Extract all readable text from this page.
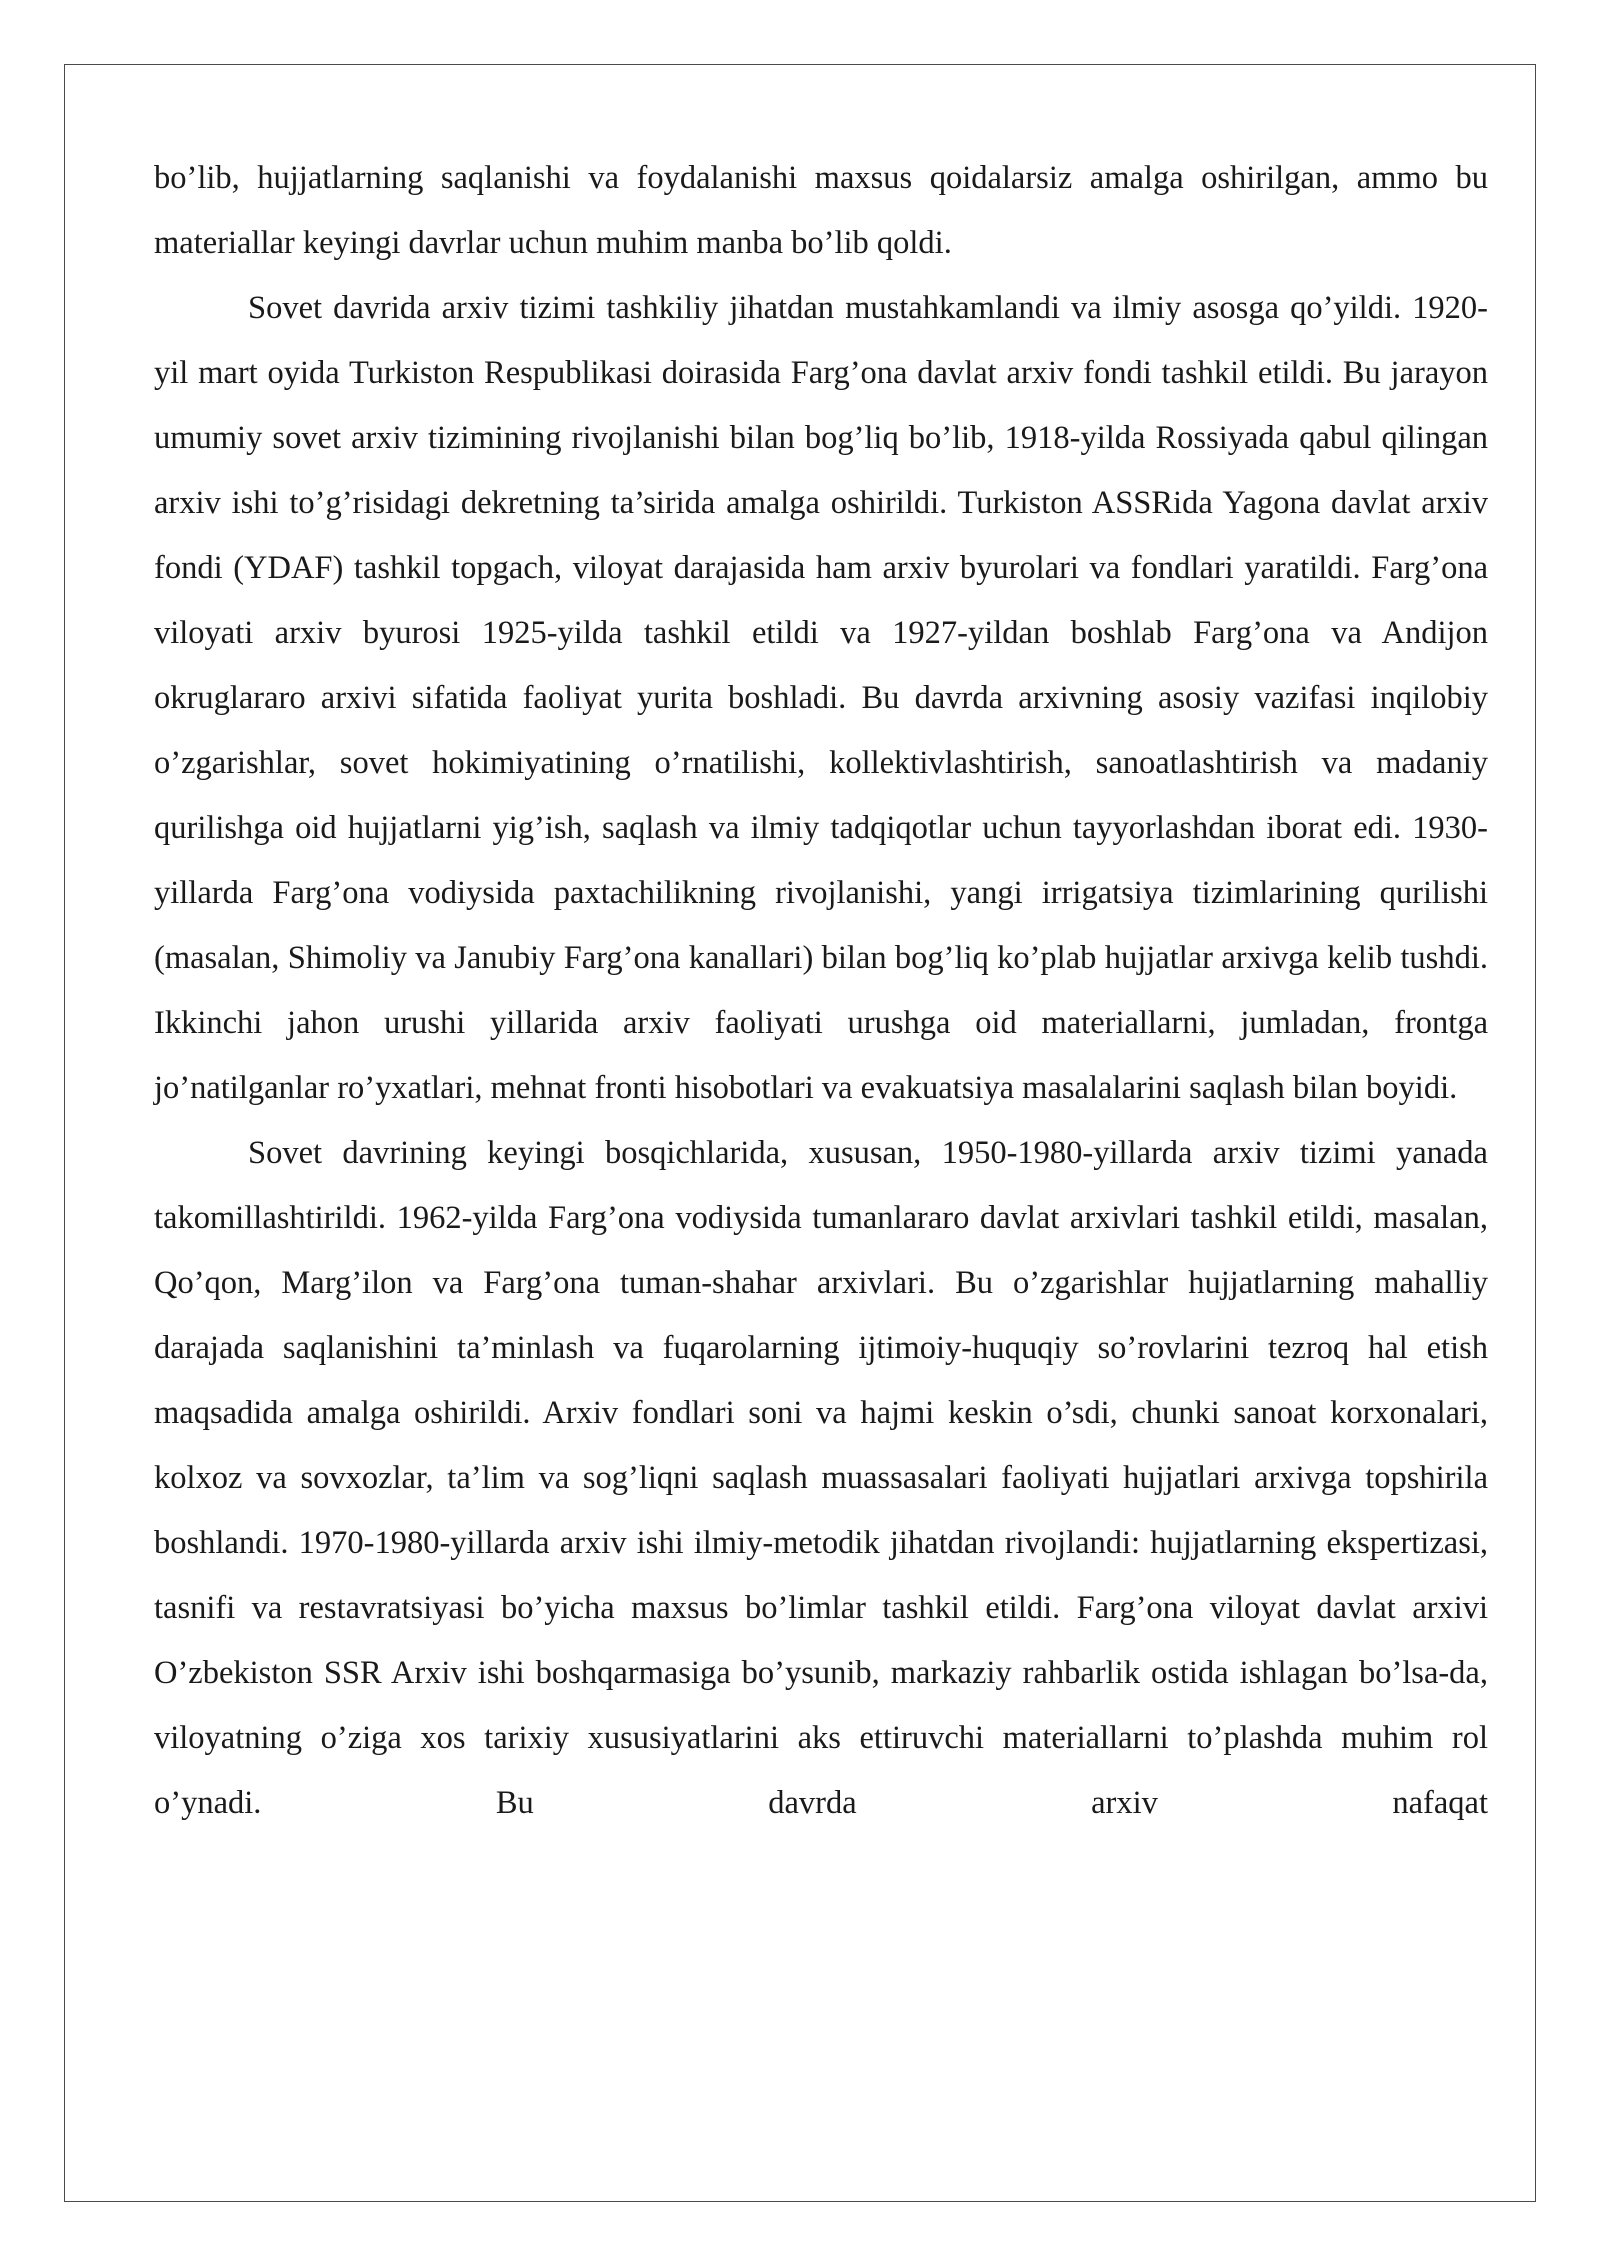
bo’lib, hujjatlarning saqlanishi va foydalanishi maxsus qoidalarsiz amalga oshirilgan, ammo bu materiallar keyingi davrlar uchun muhim manba bo’lib qoldi.

Sovet davrida arxiv tizimi tashkiliy jihatdan mustahkamlandi va ilmiy asosga qo’yildi. 1920-yil mart oyida Turkiston Respublikasi doirasida Farg’ona davlat arxiv fondi tashkil etildi. Bu jarayon umumiy sovet arxiv tizimining rivojlanishi bilan bog’liq bo’lib, 1918-yilda Rossiyada qabul qilingan arxiv ishi to’g’risidagi dekretning ta’sirida amalga oshirildi. Turkiston ASSRida Yagona davlat arxiv fondi (YDAF) tashkil topgach, viloyat darajasida ham arxiv byurolari va fondlari yaratildi. Farg’ona viloyati arxiv byurosi 1925-yilda tashkil etildi va 1927-yildan boshlab Farg’ona va Andijon okruglararo arxivi sifatida faoliyat yurita boshladi. Bu davrda arxivning asosiy vazifasi inqilobiy o’zgarishlar, sovet hokimiyatining o’rnatilishi, kollektivlashtirish, sanoatlashtirish va madaniy qurilishga oid hujjatlarni yig’ish, saqlash va ilmiy tadqiqotlar uchun tayyorlashdan iborat edi. 1930-yillarda Farg’ona vodiysida paxtachilikning rivojlanishi, yangi irrigatsiya tizimlarining qurilishi (masalan, Shimoliy va Janubiy Farg’ona kanallari) bilan bog’liq ko’plab hujjatlar arxivga kelib tushdi. Ikkinchi jahon urushi yillarida arxiv faoliyati urushga oid materiallarni, jumladan, frontga jo’natilganlar ro’yxatlari, mehnat fronti hisobotlari va evakuatsiya masalalarini saqlash bilan boyidi.

Sovet davrining keyingi bosqichlarida, xususan, 1950-1980-yillarda arxiv tizimi yanada takomillashtirildi. 1962-yilda Farg’ona vodiysida tumanlararo davlat arxivlari tashkil etildi, masalan, Qo’qon, Marg’ilon va Farg’ona tuman-shahar arxivlari. Bu o’zgarishlar hujjatlarning mahalliy darajada saqlanishini ta’minlash va fuqarolarning ijtimoiy-huquqiy so’rovlarini tezroq hal etish maqsadida amalga oshirildi. Arxiv fondlari soni va hajmi keskin o’sdi, chunki sanoat korxonalari, kolxoz va sovxozlar, ta’lim va sog’liqni saqlash muassasalari faoliyati hujjatlari arxivga topshirila boshlandi. 1970-1980-yillarda arxiv ishi ilmiy-metodik jihatdan rivojlandi: hujjatlarning ekspertizasi, tasnifi va restavratsiyasi bo’yicha maxsus bo’limlar tashkil etildi. Farg’ona viloyat davlat arxivi O’zbekiston SSR Arxiv ishi boshqarmasiga bo’ysunib, markaziy rahbarlik ostida ishlagan bo’lsa-da, viloyatning o’ziga xos tarixiy xususiyatlarini aks ettiruvchi materiallarni to’plashda muhim rol o’ynadi. Bu davrda arxiv nafaqat
